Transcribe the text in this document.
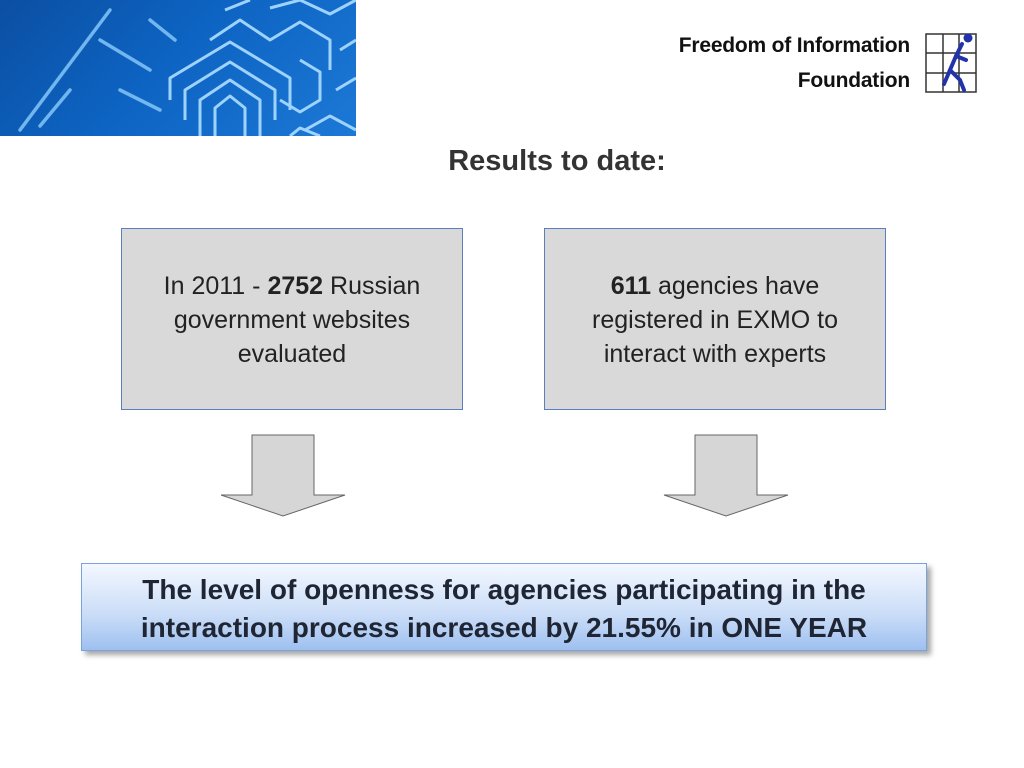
Freedom of Information
Foundation
Results to date:
In 2011 - 2752 Russian government websites evaluated
611 agencies have registered in EXMO to interact with experts
The level of openness for agencies participating in the
interaction process increased by 21.55% in ONE YEAR
